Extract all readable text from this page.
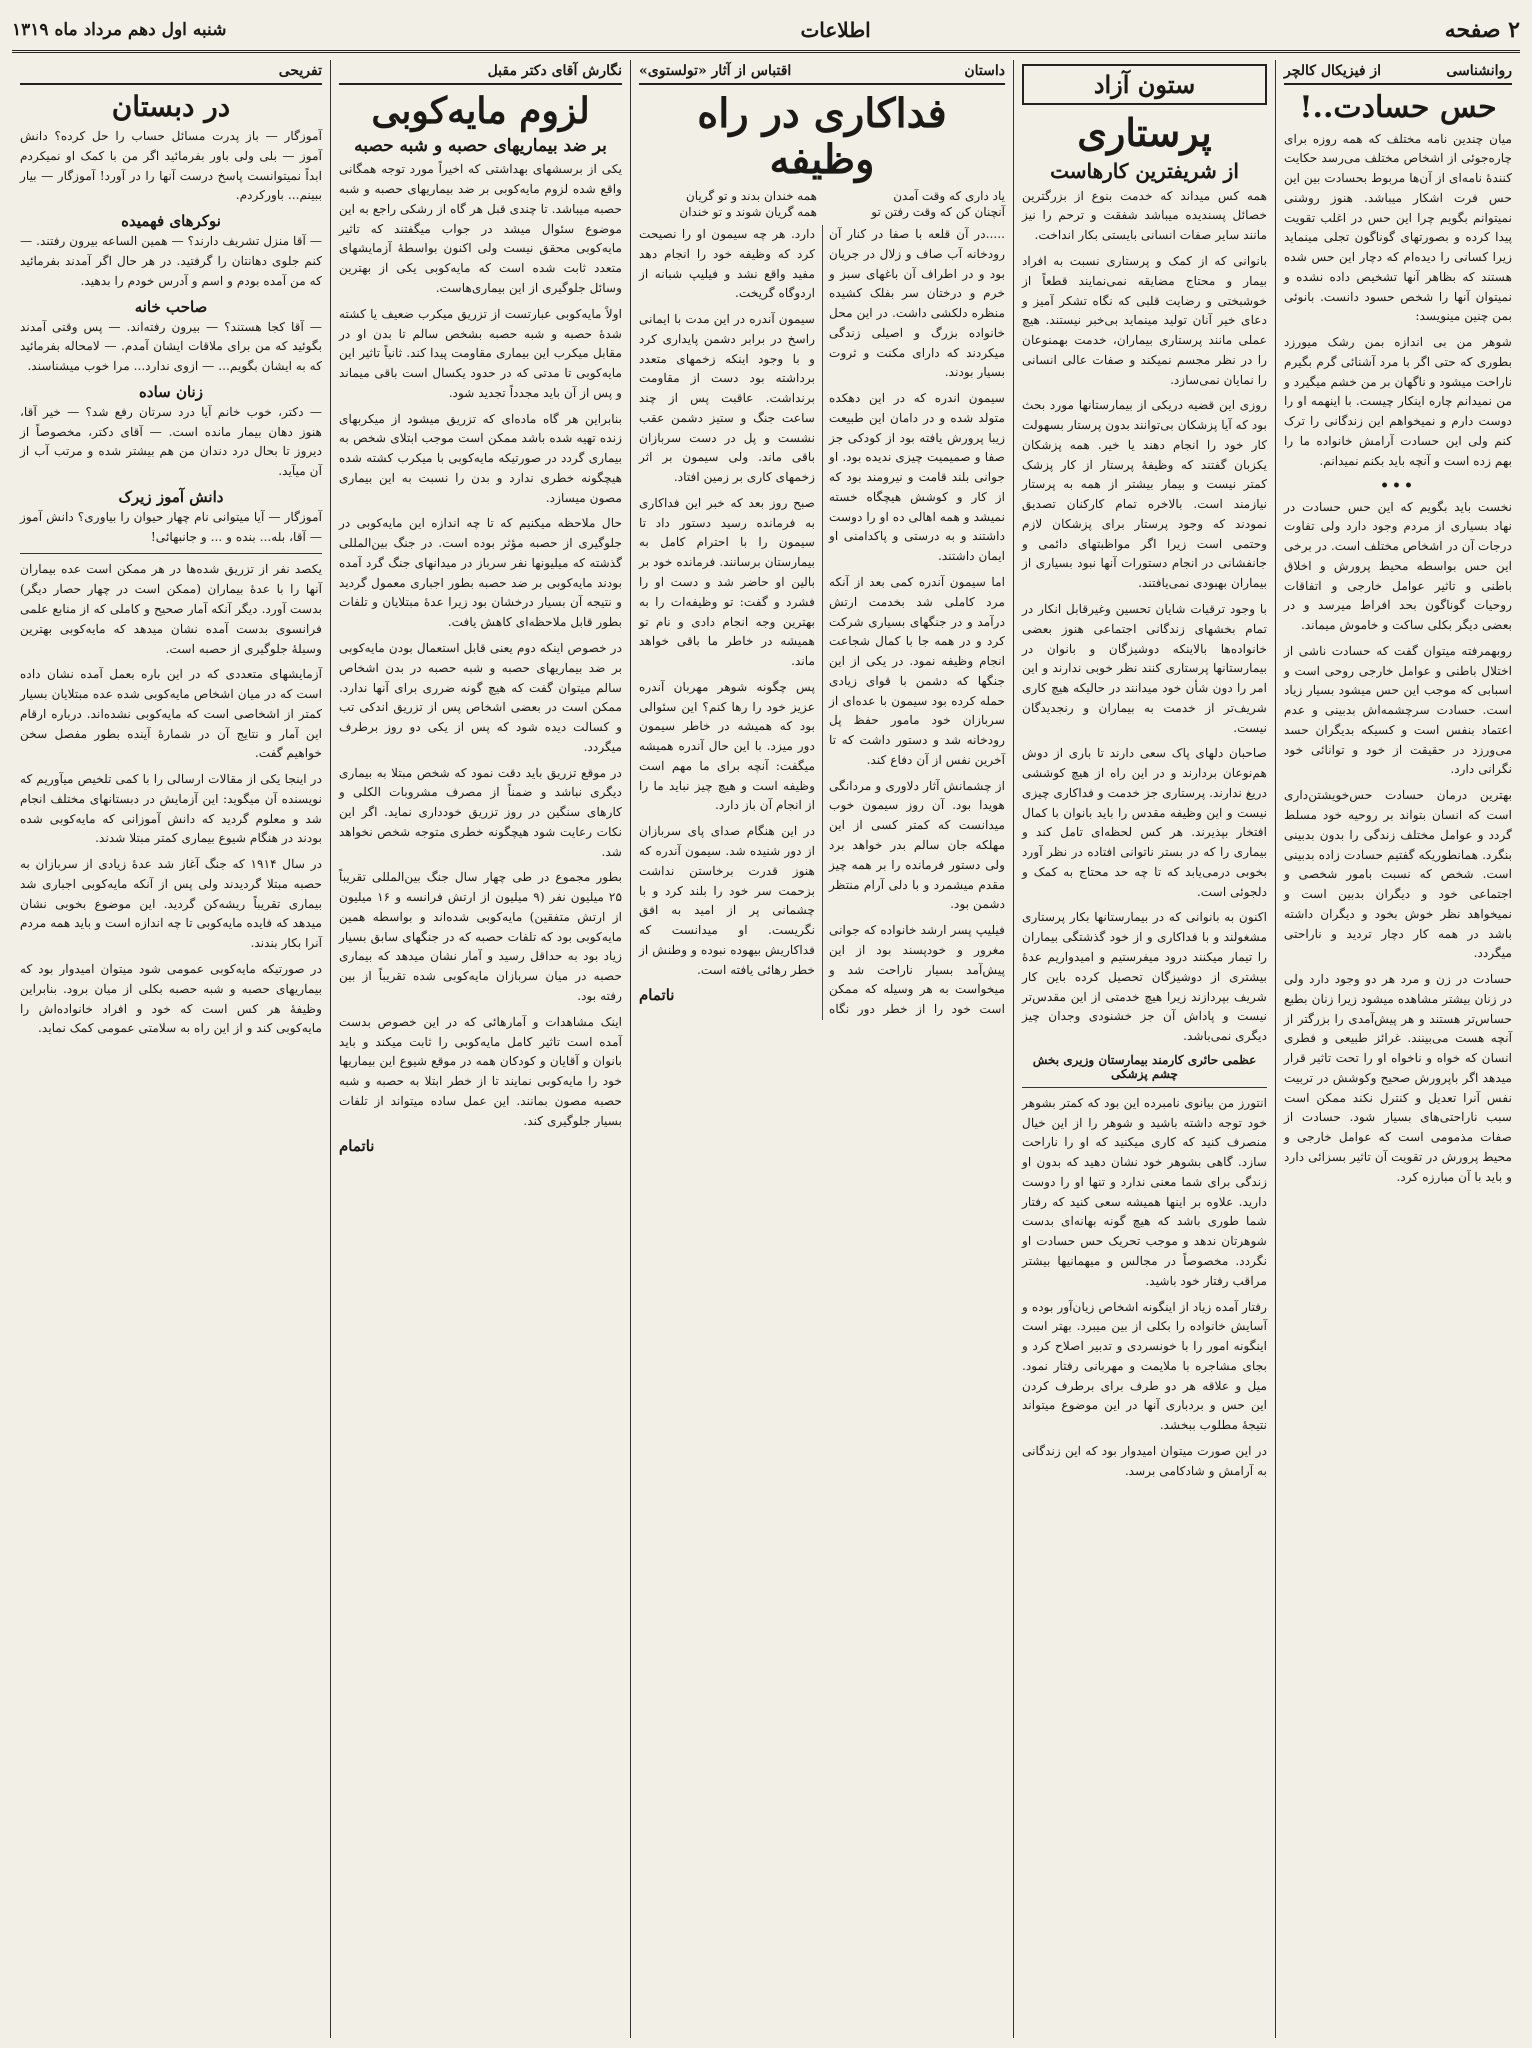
۲ صفحه
اطلاعات
شنبه اول دهم مرداد ماه ۱۳۱۹
روانشناسی
از فیزیکال کالچر
حس حسادت..!

میان چندین نامه مختلف که همه روزه برای چاره‌جوئی از اشخاص مختلف می‌رسد حکایت کنندهٔ نامه‌ای از آن‌ها مربوط بحسادت بین این حس فرت اشکار میباشد. هنوز روشنی نمیتوانم بگویم چرا این حس در اغلب تقویت پیدا کرده و بصورتهای گوناگون تجلی مینماید زیرا کسانی را دیده‌ام که دچار این حس شده هستند که بظاهر آنها تشخیص داده نشده و نمیتوان آنها را شخص حسود دانست. بانوئی بمن چنین مینویسد:

شوهر من بی اندازه بمن رشک میورزد بطوری که حتی اگر با مرد آشنائی گرم بگیرم ناراحت میشود و ناگهان بر من خشم میگیرد و من نمیدانم چاره اینکار چیست. با اینهمه او را دوست دارم و نمیخواهم این زندگانی را ترک کنم ولی این حسادت آرامش خانواده ما را بهم زده است و آنچه باید بکنم نمیدانم.

•••

نخست باید بگویم که این حس حسادت در نهاد بسیاری از مردم وجود دارد ولی تفاوت درجات آن در اشخاص مختلف است. در برخی این حس بواسطه محیط پرورش و اخلاق باطنی و تاثیر عوامل خارجی و اتفاقات روحیات گوناگون بحد افراط میرسد و در بعضی دیگر بکلی ساکت و خاموش میماند.

روبهمرفته میتوان گفت که حسادت ناشی از اختلال باطنی و عوامل خارجی روحی است و اسبابی که موجب این حس میشود بسیار زیاد است. حسادت سرچشمه‌اش بدبینی و عدم اعتماد بنفس است و کسیکه بدیگران حسد می‌ورزد در حقیقت از خود و توانائی خود نگرانی دارد.

بهترین درمان حسادت حس‌خویشتن‌داری است که انسان بتواند بر روحیه خود مسلط گردد و عوامل مختلف زندگی را بدون بدبینی بنگرد. همانطوریکه گفتیم حسادت زاده بدبینی است. شخص که نسبت بامور شخصی و اجتماعی خود و دیگران بدبین است و نمیخواهد نظر خوش بخود و دیگران داشته باشد در همه کار دچار تردید و ناراحتی میگردد.

حسادت در زن و مرد هر دو وجود دارد ولی در زنان بیشتر مشاهده میشود زیرا زنان بطبع حساس‌تر هستند و هر پیش‌آمدی را بزرگتر از آنچه هست می‌بینند. غرائز طبیعی و فطری انسان که خواه و ناخواه او را تحت تاثیر قرار میدهد اگر باپرورش صحیح وکوشش در تربیت نفس آنرا تعدیل و کنترل نکند ممکن است سبب ناراحتی‌های بسیار شود. حسادت از صفات مذمومی است که عوامل خارجی و محیط پرورش در تقویت آن تاثیر بسزائی دارد و باید با آن مبارزه کرد.

ستون آزاد
پرستاری
از شریفترین کارهاست

همه کس میداند که خدمت بنوع از بزرگترین خصائل پسندیده میباشد شفقت و ترحم را نیز مانند سایر صفات انسانی بایستی بکار انداخت.

بانوانی که از کمک و پرستاری نسبت به افراد بیمار و محتاج مضایقه نمی‌نمایند قطعاً از خوشبختی و رضایت قلبی که نگاه تشکر آمیز و دعای خیر آنان تولید مینماید بی‌خبر نیستند. هیچ عملی مانند پرستاری بیماران، خدمت بهمنوعان را در نظر مجسم نمیکند و صفات عالی انسانی را نمایان نمی‌سازد.

روزی این قضیه دریکی از بیمارستانها مورد بحث بود که آیا پزشکان بی‌توانند بدون پرستار بسهولت کار خود را انجام دهند یا خیر. همه پزشکان یکزبان گفتند که وظیفهٔ پرستار از کار پزشک کمتر نیست و بیمار بیشتر از همه به پرستار نیازمند است. بالاخره تمام کارکنان تصدیق نمودند که وجود پرستار برای پزشکان لازم وحتمی است زیرا اگر مواظبتهای دائمی و جانفشانی در انجام دستورات آنها نبود بسیاری از بیماران بهبودی نمی‌یافتند.

با وجود ترقیات شایان تحسین وغیرقابل انکار در تمام بخشهای زندگانی اجتماعی هنوز بعضی خانواده‌ها بالاینکه دوشیزگان و بانوان در بیمارستانها پرستاری کنند نظر خوبی ندارند و این امر را دون شأن خود میدانند در حالیکه هیچ کاری شریف‌تر از خدمت به بیماران و رنجدیدگان نیست.

صاحبان دلهای پاک سعی دارند تا باری از دوش هم‌نوعان بردارند و در این راه از هیچ کوششی دریغ ندارند. پرستاری جز خدمت و فداکاری چیزی نیست و این وظیفه مقدس را باید بانوان با کمال افتخار بپذیرند. هر کس لحظه‌ای تامل کند و بیماری را که در بستر ناتوانی افتاده در نظر آورد بخوبی درمی‌یابد که تا چه حد محتاج به کمک و دلجوئی است.

اکنون به بانوانی که در بیمارستانها بکار پرستاری مشغولند و با فداکاری و از خود گذشتگی بیماران را تیمار میکنند درود میفرستیم و امیدواریم عدهٔ بیشتری از دوشیزگان تحصیل کرده باین کار شریف بپردازند زیرا هیچ خدمتی از این مقدس‌تر نیست و پاداش آن جز خشنودی وجدان چیز دیگری نمی‌باشد.

عظمی حائری کارمند بیمارستان وزیری بخش چشم پزشکی

انتورز من بیانوی نامبرده این بود که کمتر بشوهر خود توجه داشته باشید و شوهر را از این خیال منصرف کنید که کاری میکنید که او را ناراحت سازد. گاهی بشوهر خود نشان دهید که بدون او زندگی برای شما معنی ندارد و تنها او را دوست دارید. علاوه بر اینها همیشه سعی کنید که رفتار شما طوری باشد که هیچ گونه بهانه‌ای بدست شوهرتان ندهد و موجب تحریک حس حسادت او نگردد. مخصوصاً در مجالس و میهمانیها بیشتر مراقب رفتار خود باشید.

رفتار آمده زیاد از اینگونه اشخاص زیان‌آور بوده و آسایش خانواده را بکلی از بین میبرد. بهتر است اینگونه امور را با خونسردی و تدبیر اصلاح کرد و بجای مشاجره با ملایمت و مهربانی رفتار نمود. میل و علاقه هر دو طرف برای برطرف کردن این حس و بردباری آنها در این موضوع میتواند نتیجهٔ مطلوب ببخشد.

در این صورت میتوان امیدوار بود که این زندگانی به آرامش و شادکامی برسد.

داستان
اقتباس از آثار «تولستوی»
فداکاری در راه وظیفه
یاد داری که وقت آمدن
همه خندان بدند و تو گریان
آنچنان کن که وقت رفتن تو
همه گریان شوند و تو خندان

.....در آن قلعه با صفا در کنار آن رودخانه آب صاف و زلال در جریان بود و در اطراف آن باغهای سبز و خرم و درختان سر بفلک کشیده منظره دلکشی داشت. در این محل خانواده بزرگ و اصیلی زندگی میکردند که دارای مکنت و ثروت بسیار بودند.

سیمون اندره که در این دهکده متولد شده و در دامان این طبیعت زیبا پرورش یافته بود از کودکی جز صفا و صمیمیت چیزی ندیده بود. او جوانی بلند قامت و نیرومند بود که از کار و کوشش هیچگاه خسته نمیشد و همه اهالی ده او را دوست داشتند و به درستی و پاکدامنی او ایمان داشتند.

اما سیمون آندره کمی بعد از آنکه مرد کاملی شد بخدمت ارتش درآمد و در جنگهای بسیاری شرکت کرد و در همه جا با کمال شجاعت انجام وظیفه نمود. در یکی از این جنگها که دشمن با قوای زیادی حمله کرده بود سیمون با عده‌ای از سربازان خود مامور حفظ پل رودخانه شد و دستور داشت که تا آخرین نفس از آن دفاع کند.

از چشمانش آثار دلاوری و مردانگی هویدا بود. آن روز سیمون خوب میدانست که کمتر کسی از این مهلکه جان سالم بدر خواهد برد ولی دستور فرمانده را بر همه چیز مقدم میشمرد و با دلی آرام منتظر دشمن بود.

فیلیپ پسر ارشد خانواده که جوانی مغرور و خودپسند بود از این پیش‌آمد بسیار ناراحت شد و میخواست به هر وسیله که ممکن است خود را از خطر دور نگاه دارد. هر چه سیمون او را نصیحت کرد که وظیفه خود را انجام دهد مفید واقع نشد و فیلیپ شبانه از اردوگاه گریخت.

سیمون آندره در این مدت با ایمانی راسخ در برابر دشمن پایداری کرد و با وجود اینکه زخمهای متعدد برداشته بود دست از مقاومت برنداشت. عاقبت پس از چند ساعت جنگ و ستیز دشمن عقب نشست و پل در دست سربازان باقی ماند. ولی سیمون بر اثر زخمهای کاری بر زمین افتاد.

صبح روز بعد که خبر این فداکاری به فرمانده رسید دستور داد تا سیمون را با احترام کامل به بیمارستان برسانند. فرمانده خود بر بالین او حاضر شد و دست او را فشرد و گفت: تو وظیفه‌ات را به بهترین وجه انجام دادی و نام تو همیشه در خاطر ما باقی خواهد ماند.

پس چگونه شوهر مهربان آندره عزیز خود را رها کنم؟ این سئوالی بود که همیشه در خاطر سیمون دور میزد. با این حال آندره همیشه میگفت: آنچه برای ما مهم است وظیفه است و هیچ چیز نباید ما را از انجام آن باز دارد.

در این هنگام صدای پای سربازان از دور شنیده شد. سیمون آندره که هنوز قدرت برخاستن نداشت بزحمت سر خود را بلند کرد و با چشمانی پر از امید به افق نگریست. او میدانست که فداکاریش بیهوده نبوده و وطنش از خطر رهائی یافته است.

ناتمام
نگارش آقای دکتر مقبل
لزوم مایه‌کوبی
بر ضد بیماریهای حصبه و شبه حصبه

یکی از برسشهای بهداشتی که اخیراً مورد توجه همگانی واقع شده لزوم مایه‌کوبی بر ضد بیماریهای حصبه و شبه حصبه میباشد. تا چندی قبل هر گاه از رشکی راجع به این موضوع سئوال میشد در جواب میگفتند که تاثیر مایه‌کوبی محقق نیست ولی اکنون بواسطهٔ آزمایشهای متعدد ثابت شده است که مایه‌کوبی یکی از بهترین وسائل جلوگیری از این بیماری‌هاست.

اولاً مایه‌کوبی عبارتست از تزریق میکرب ضعیف یا کشته شدهٔ حصبه و شبه حصبه بشخص سالم تا بدن او در مقابل میکرب این بیماری مقاومت پیدا کند. ثانیاً تاثیر این مایه‌کوبی تا مدتی که در حدود یکسال است باقی میماند و پس از آن باید مجدداً تجدید شود.

بنابراین هر گاه ماده‌ای که تزریق میشود از میکربهای زنده تهیه شده باشد ممکن است موجب ابتلای شخص به بیماری گردد در صورتیکه مایه‌کوبی با میکرب کشته شده هیچگونه خطری ندارد و بدن را نسبت به این بیماری مصون میسازد.

حال ملاحظه میکنیم که تا چه اندازه این مایه‌کوبی در جلوگیری از حصبه مؤثر بوده است. در جنگ بین‌المللی گذشته که میلیونها نفر سرباز در میدانهای جنگ گرد آمده بودند مایه‌کوبی بر ضد حصبه بطور اجباری معمول گردید و نتیجه آن بسیار درخشان بود زیرا عدهٔ مبتلایان و تلفات بطور قابل ملاحظه‌ای کاهش یافت.

در خصوص اینکه دوم یعنی قابل استعمال بودن مایه‌کوبی بر ضد بیماریهای حصبه و شبه حصبه در بدن اشخاص سالم میتوان گفت که هیچ گونه ضرری برای آنها ندارد. ممکن است در بعضی اشخاص پس از تزریق اندکی تب و کسالت دیده شود که پس از یکی دو روز برطرف میگردد.

در موقع تزریق باید دقت نمود که شخص مبتلا به بیماری دیگری نباشد و ضمناً از مصرف مشروبات الکلی و کارهای سنگین در روز تزریق خودداری نماید. اگر این نکات رعایت شود هیچگونه خطری متوجه شخص نخواهد شد.

بطور مجموع در طی چهار سال جنگ بین‌المللی تقریباً ۲۵ میلیون نفر (۹ میلیون از ارتش فرانسه و ۱۶ میلیون از ارتش متفقین) مایه‌کوبی شده‌اند و بواسطه همین مایه‌کوبی بود که تلفات حصبه که در جنگهای سابق بسیار زیاد بود به حداقل رسید و آمار نشان میدهد که بیماری حصبه در میان سربازان مایه‌کوبی شده تقریباً از بین رفته بود.

اینک مشاهدات و آمارهائی که در این خصوص بدست آمده است تاثیر کامل مایه‌کوبی را ثابت میکند و باید بانوان و آقایان و کودکان همه در موقع شیوع این بیماریها خود را مایه‌کوبی نمایند تا از خطر ابتلا به حصبه و شبه حصبه مصون بمانند. این عمل ساده میتواند از تلفات بسیار جلوگیری کند.

ناتمام
تفریحی
در دبستان

آموزگار — باز پدرت مسائل حساب را حل کرده؟ دانش آموز — بلی ولی باور بفرمائید اگر من با کمک او نمیکردم ابداً نمیتوانست پاسخ درست آنها را در آورد! آموزگار — بیار ببینم... باورکردم.

نوکرهای فهمیده

— آقا منزل تشریف دارند؟ — همین الساعه بیرون رفتند. — کنم جلوی دهانتان را گرفتید. در هر حال اگر آمدند بفرمائید که من آمده بودم و اسم و آدرس خودم را بدهید.

صاحب خانه

— آقا کجا هستند؟ — بیرون رفته‌اند. — پس وقتی آمدند بگوئید که من برای ملاقات ایشان آمدم. — لامحاله بفرمائید که به ایشان بگویم... — ازوی ندارد... مرا خوب میشناسند.

زنان ساده

— دکتر، خوب خانم آیا درد سرتان رفع شد؟ — خیر آقا، هنوز دهان بیمار مانده است. — آقای دکتر، مخصوصاً از دیروز تا بحال درد دندان من هم بیشتر شده و مرتب آب از آن میآید.

دانش آموز زیرک

آموزگار — آیا میتوانی نام چهار حیوان را بیاوری؟ دانش آموز — آقا، بله... بنده و ... و جانبهائی!

یکصد نفر از تزریق شده‌ها در هر ممکن است عده بیماران آنها را با عدهٔ بیماران (ممکن است در چهار حصار دیگر) بدست آورد. دیگر آنکه آمار صحیح و کاملی که از منابع علمی فرانسوی بدست آمده نشان میدهد که مایه‌کوبی بهترین وسیلهٔ جلوگیری از حصبه است.

آزمایشهای متعددی که در این باره بعمل آمده نشان داده است که در میان اشخاص مایه‌کوبی شده عده مبتلایان بسیار کمتر از اشخاصی است که مایه‌کوبی نشده‌اند. درباره ارقام این آمار و نتایج آن در شمارهٔ آینده بطور مفصل سخن خواهیم گفت.

در اینجا یکی از مقالات ارسالی را با کمی تلخیص میآوریم که نویسنده آن میگوید: این آزمایش در دبستانهای مختلف انجام شد و معلوم گردید که دانش آموزانی که مایه‌کوبی شده بودند در هنگام شیوع بیماری کمتر مبتلا شدند.

در سال ۱۹۱۴ که جنگ آغاز شد عدهٔ زیادی از سربازان به حصبه مبتلا گردیدند ولی پس از آنکه مایه‌کوبی اجباری شد بیماری تقریباً ریشه‌کن گردید. این موضوع بخوبی نشان میدهد که فایده مایه‌کوبی تا چه اندازه است و باید همه مردم آنرا بکار بندند.

در صورتیکه مایه‌کوبی عمومی شود میتوان امیدوار بود که بیماریهای حصبه و شبه حصبه بکلی از میان برود. بنابراین وظیفهٔ هر کس است که خود و افراد خانواده‌اش را مایه‌کوبی کند و از این راه به سلامتی عمومی کمک نماید.
